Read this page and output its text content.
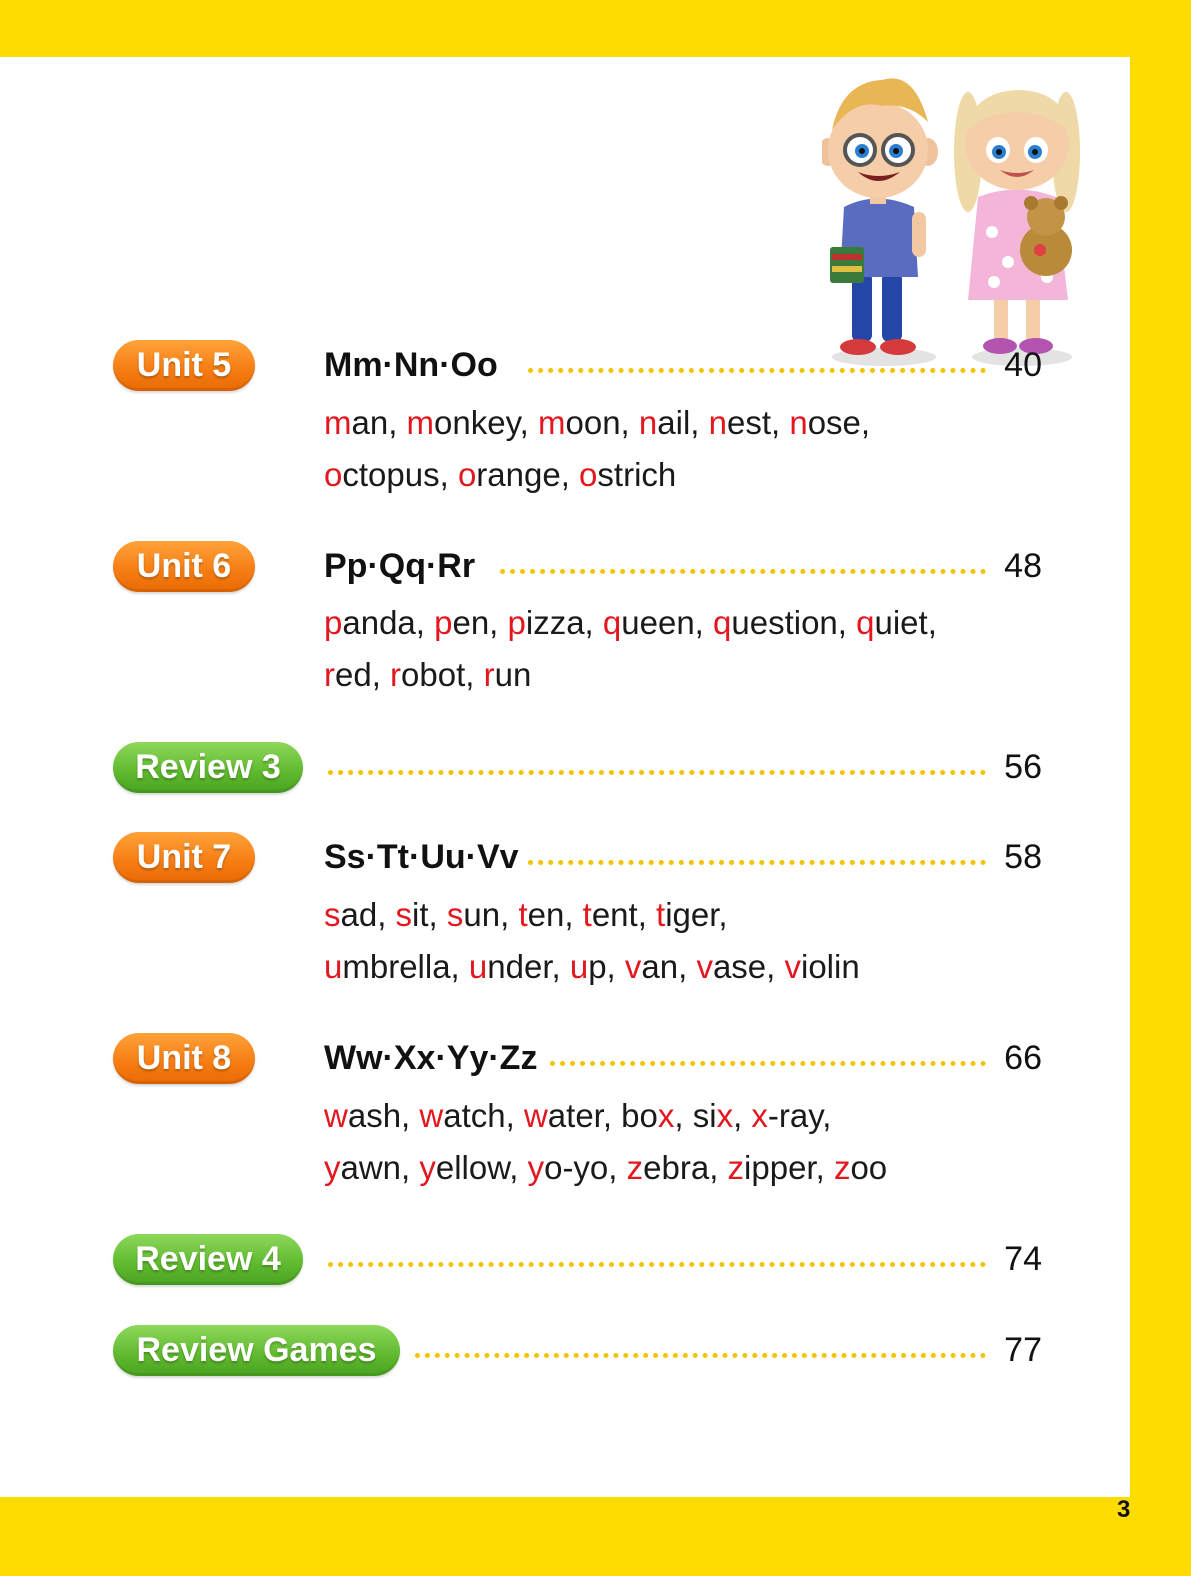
Unit 5	Mm·Nn·Oo	40
man, monkey, moon, nail, nest, nose,
octopus, orange, ostrich
Unit 6	Pp·Qq·Rr	48
panda, pen, pizza, queen, question, quiet,
red, robot, run
Review 3	56
Unit 7	Ss·Tt·Uu·Vv	58
sad, sit, sun, ten, tent, tiger,
umbrella, under, up, van, vase, violin
Unit 8	Ww·Xx·Yy·Zz	66
wash, watch, water, box, six, x-ray,
yawn, yellow, yo-yo, zebra, zipper, zoo
Review 4	74
Review Games	77
3
